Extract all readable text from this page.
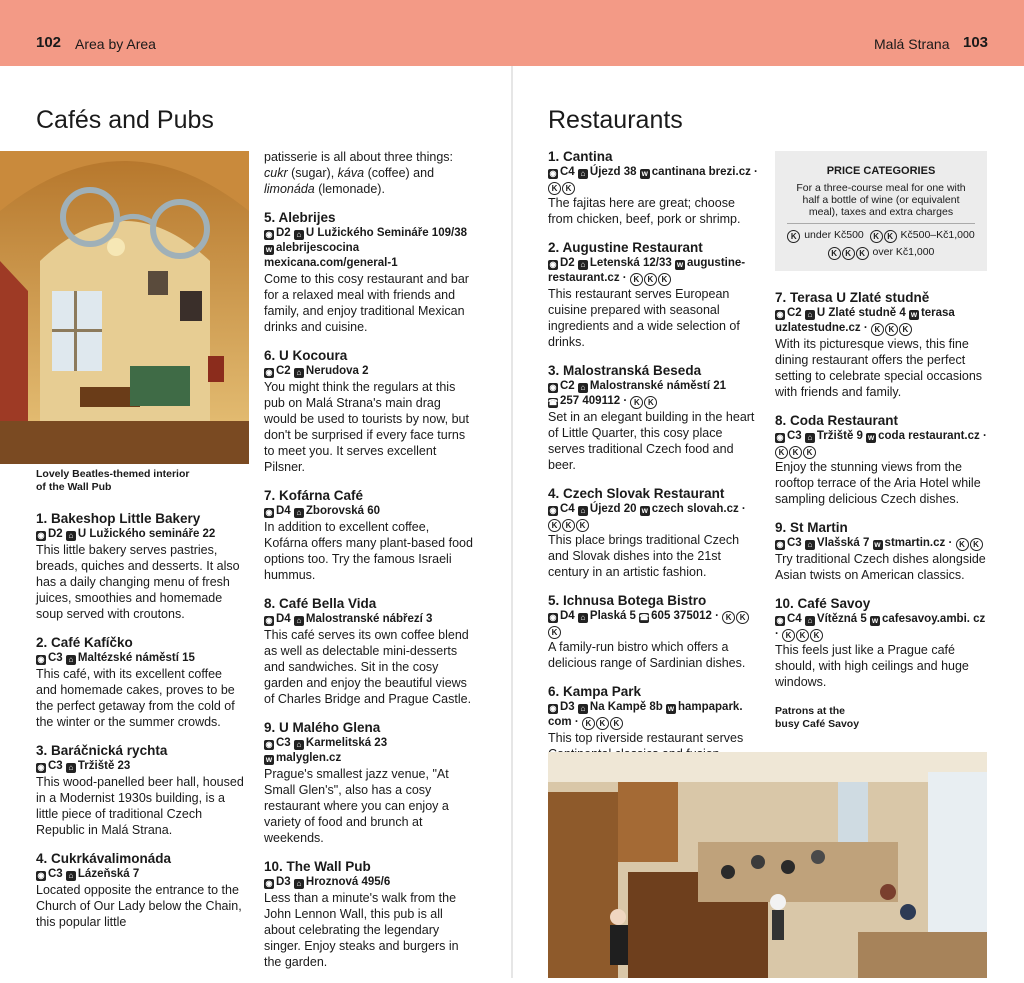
102 Area by Area	Malá Strana 103
Cafés and Pubs	Restaurants
Lovely Beatles-themed interior
of the Wall Pub

1. Bakeshop Little Bakery

◉ D2 ⌂ U Lužického semináře 22

This little bakery serves pastries, breads, quiches and desserts. It also has a daily changing menu of fresh juices, smoothies and homemade soup served with croutons.

2. Café Kafíčko

◉ C3 ⌂ Maltézské náměstí 15

This café, with its excellent coffee and homemade cakes, proves to be the perfect getaway from the cold of the winter or the summer crowds.

3. Baráčnická rychta

◉ C3 ⌂ Tržiště 23

This wood-panelled beer hall, housed in a Modernist 1930s building, is a little piece of traditional Czech Republic in Malá Strana.

4. Cukrkávalimonáda

◉ C3 ⌂ Lázeňská 7

Located opposite the entrance to the Church of Our Lady below the Chain, this popular little

patisserie is all about three things: cukr (sugar), káva (coffee) and limonáda (lemonade).

5. Alebrijes

◉ D2 ⌂ U Lužického Semináře 109/38 w alebrijescocina mexicana.com/general-1

Come to this cosy restaurant and bar for a relaxed meal with friends and family, and enjoy traditional Mexican drinks and cuisine.

6. U Kocoura

◉ C2 ⌂ Nerudova 2

You might think the regulars at this pub on Malá Strana's main drag would be used to tourists by now, but don't be surprised if every face turns to meet you. It serves excellent Pilsner.

7. Kofárna Café

◉ D4 ⌂ Zborovská 60

In addition to excellent coffee, Kofárna offers many plant-based food options too. Try the famous Israeli hummus.

8. Café Bella Vida

◉ D4 ⌂ Malostranské nábřezí 3

This café serves its own coffee blend as well as delectable mini-desserts and sandwiches. Sit in the cosy garden and enjoy the beautiful views of Charles Bridge and Prague Castle.

9. U Malého Glena

◉ C3 ⌂ Karmelitská 23
w malyglen.cz

Prague's smallest jazz venue, "At Small Glen's", also has a cosy restaurant where you can enjoy a variety of food and brunch at weekends.

10. The Wall Pub

◉ D3 ⌂ Hroznová 495/6

Less than a minute's walk from the John Lennon Wall, this pub is all about celebrating the legendary singer. Enjoy steaks and burgers in the garden.

1. Cantina

◉ C4 ⌂ Újezd 38 w cantinana brezi.cz · K K

The fajitas here are great; choose from chicken, beef, pork or shrimp.

2. Augustine Restaurant

◉ D2 ⌂ Letenská 12/33 w augustine-restaurant.cz · K K K

This restaurant serves European cuisine prepared with seasonal ingredients and a wide selection of drinks.

3. Malostranská Beseda

◉ C2 ⌂ Malostranské náměstí 21
☎ 257 409112 · K K

Set in an elegant building in the heart of Little Quarter, this cosy place serves traditional Czech food and beer.

4. Czech Slovak Restaurant

◉ C4 ⌂ Újezd 20 w czech slovah.cz · K K K

This place brings traditional Czech and Slovak dishes into the 21st century in an artistic fashion.

5. Ichnusa Botega Bistro

◉ D4 ⌂ Plaská 5 ☎ 605 375012 · K KK

A family-run bistro which offers a delicious range of Sardinian dishes.

6. Kampa Park

◉ D3 ⌂ Na Kampě 8b w hampapark. com · K K K

This top riverside restaurant serves

PRICE CATEGORIES
For a three-course meal for one with
half a bottle of wine (or equivalent
meal), taxes and extra charges
K under Kč500 K K Kč500–Kč1,000
K K K over Kč1,000

7. Terasa U Zlaté studně

◉ C2 ⌂ U Zlaté studně 4 w terasa uzlatestudne.cz · K K K

With its picturesque views, this fine dining restaurant offers the perfect setting to celebrate special occasions with friends and family.

8. Coda Restaurant

◉ C3 ⌂ Tržiště 9 w coda restaurant.cz · K K K

Enjoy the stunning views from the rooftop terrace of the Aria Hotel while sampling delicious Czech dishes.

9. St Martin

◉ C3 ⌂ Vlašská 7 w stmartin.cz · K K

Try traditional Czech dishes alongside Asian twists on American classics.

10. Café Savoy

◉ C4 ⌂ Vítězná 5 w cafesavoy.ambi. cz · K K K

This feels just like a Prague café should, with high ceilings and huge windows.

Patrons at the
busy Café Savoy
